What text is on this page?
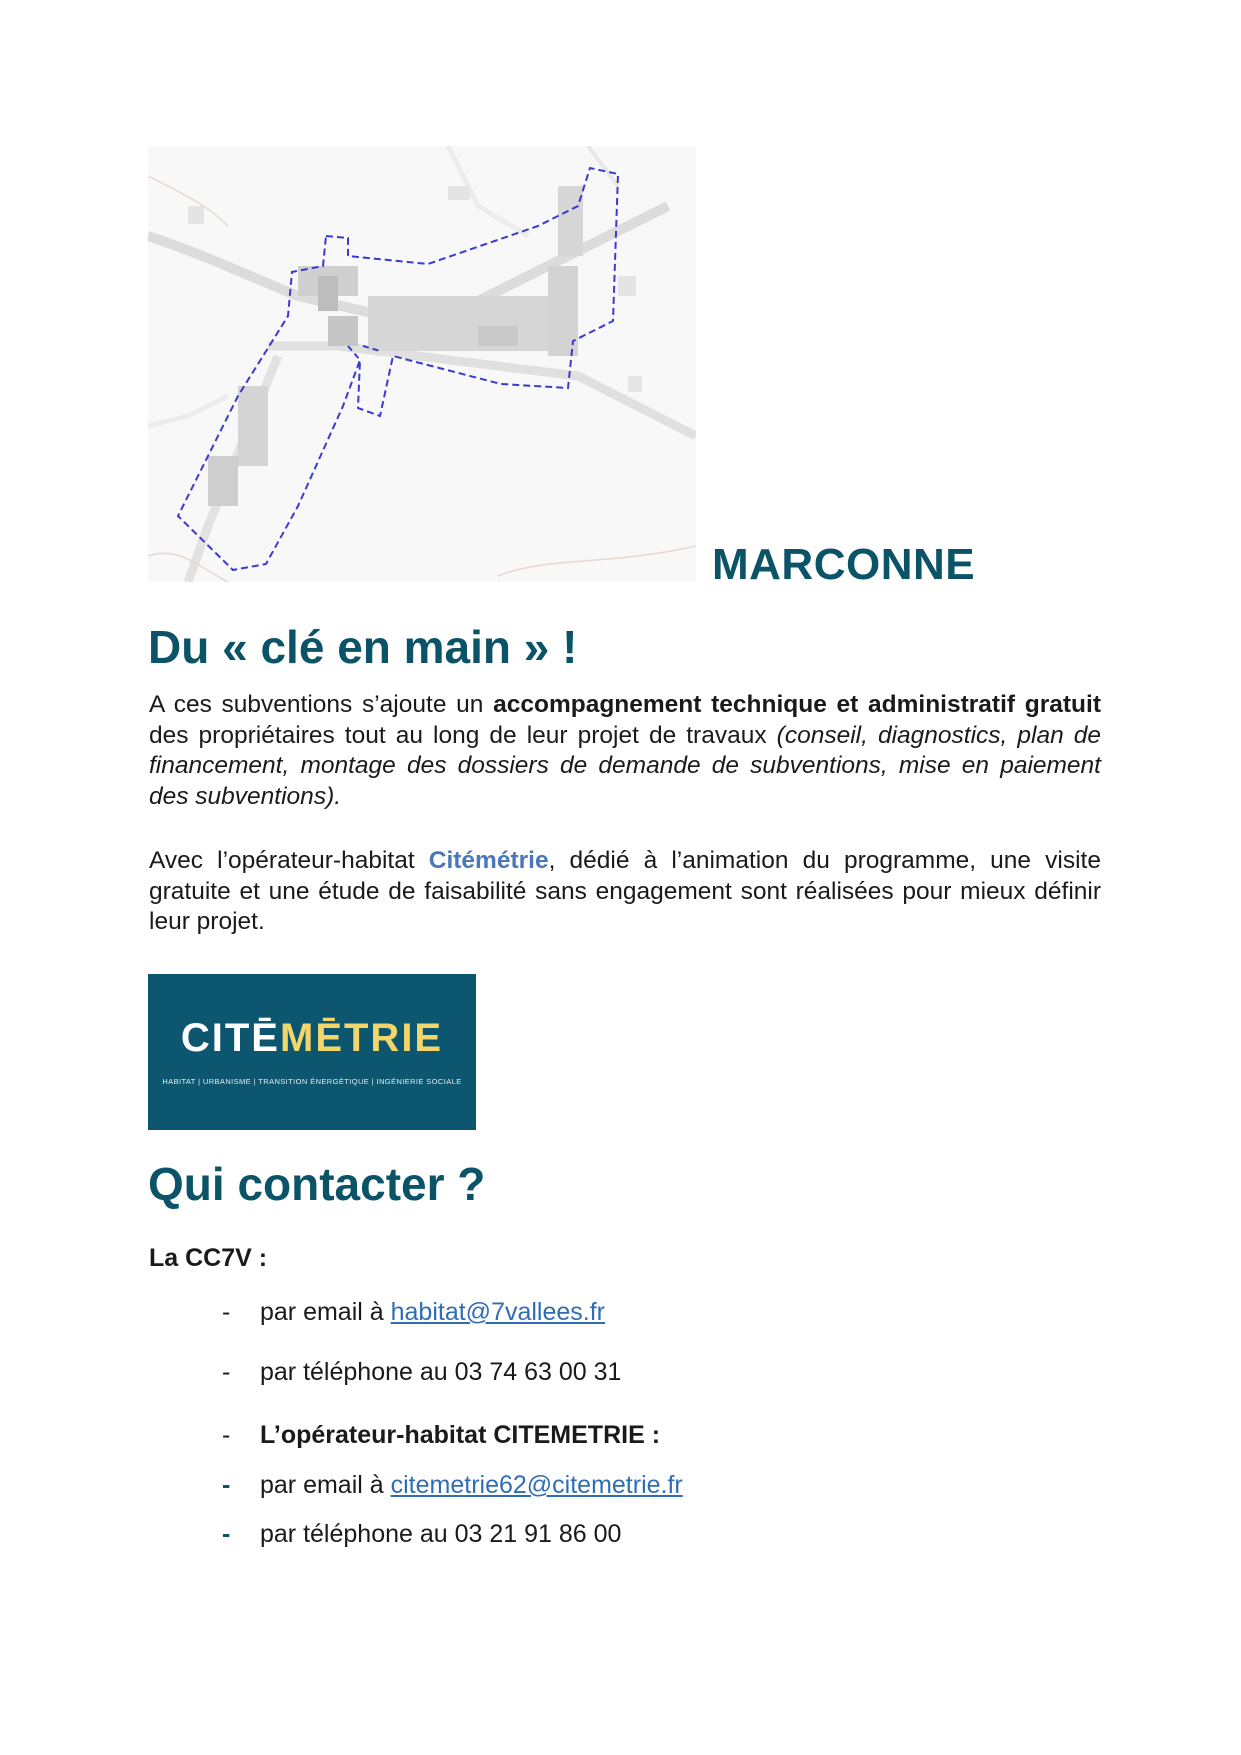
MARCONNE
Du « clé en main » !

A ces subventions s’ajoute un accompagnement technique et administratif gratuit des propriétaires tout au long de leur projet de travaux (conseil, diagnostics, plan de financement, montage des dossiers de demande de subventions, mise en paiement des subventions).

Avec l’opérateur-habitat Citémétrie, dédié à l’animation du programme, une visite gratuite et une étude de faisabilité sans engagement sont réalisées pour mieux définir leur projet.

CITĒMĒTRIE
HABITAT | URBANISME | TRANSITION ÉNERGÉTIQUE | INGÉNIERIE SOCIALE
Qui contacter ?

La CC7V :

- par email à habitat@7vallees.fr
- par téléphone au 03 74 63 00 31
- L’opérateur-habitat CITEMETRIE :
- par email à citemetrie62@citemetrie.fr
- par téléphone au 03 21 91 86 00
